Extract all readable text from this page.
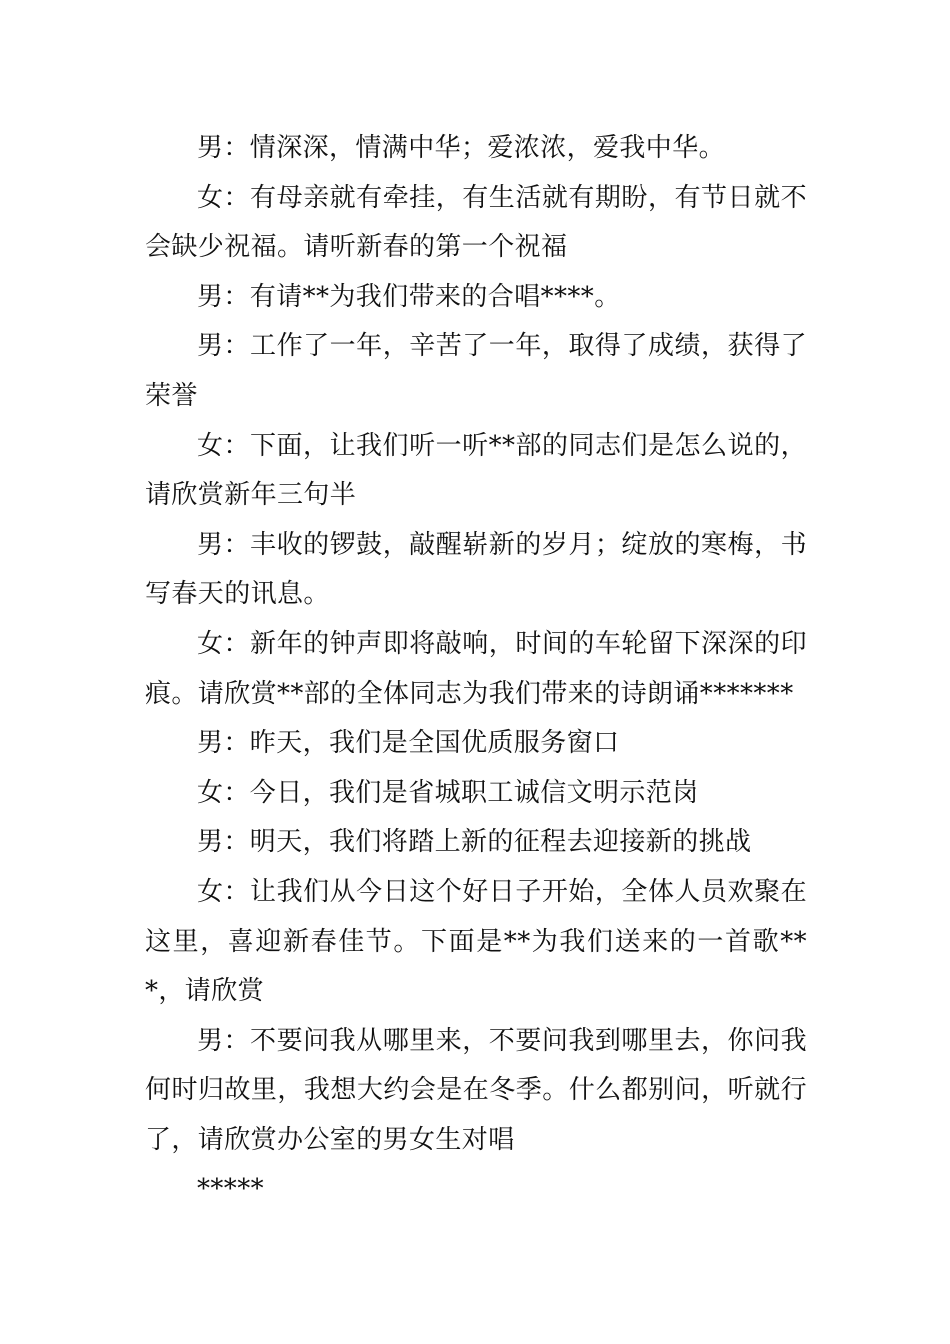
男：情深深，情满中华；爱浓浓，爱我中华。

女：有母亲就有牵挂，有生活就有期盼，有节日就不会缺少祝福。请听新春的第一个祝福

男：有请**为我们带来的合唱****。

男：工作了一年，辛苦了一年，取得了成绩，获得了荣誉

女：下面，让我们听一听**部的同志们是怎么说的，请欣赏新年三句半

男：丰收的锣鼓，敲醒崭新的岁月；绽放的寒梅，书写春天的讯息。

女：新年的钟声即将敲响，时间的车轮留下深深的印痕。请欣赏**部的全体同志为我们带来的诗朗诵*******

男：昨天，我们是全国优质服务窗口

女：今日，我们是省城职工诚信文明示范岗

男：明天，我们将踏上新的征程去迎接新的挑战

女：让我们从今日这个好日子开始，全体人员欢聚在这里，喜迎新春佳节。下面是**为我们送来的一首歌***，请欣赏

男：不要问我从哪里来，不要问我到哪里去，你问我何时归故里，我想大约会是在冬季。什么都别问，听就行了，请欣赏办公室的男女生对唱

*****
